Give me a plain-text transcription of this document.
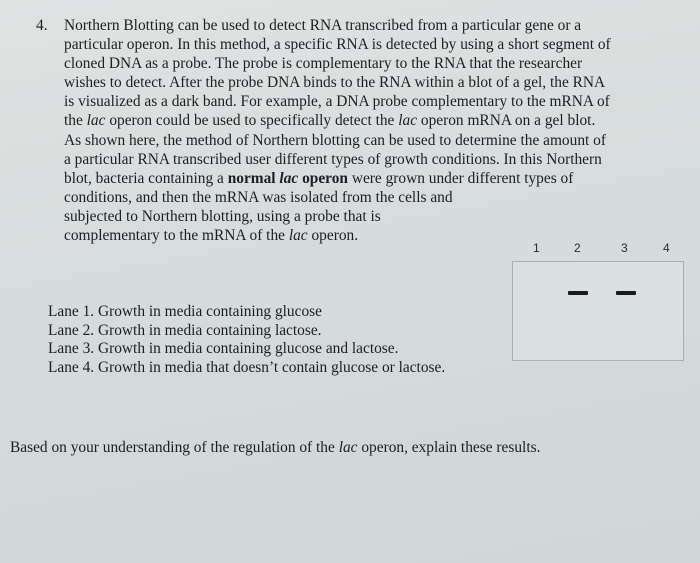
4.	Northern Blotting can be used to detect RNA transcribed from a particular gene or a
particular operon. In this method, a specific RNA is detected by using a short segment of
cloned DNA as a probe. The probe is complementary to the RNA that the researcher
wishes to detect. After the probe DNA binds to the RNA within a blot of a gel, the RNA
is visualized as a dark band. For example, a DNA probe complementary to the mRNA of
the lac operon could be used to specifically detect the lac operon mRNA on a gel blot.
As shown here, the method of Northern blotting can be used to determine the amount of
a particular RNA transcribed user different types of growth conditions. In this Northern
blot, bacteria containing a normal lac operon were grown under different types of
conditions, and then the mRNA was isolated from the cells and
subjected to Northern blotting, using a probe that is
complementary to the mRNA of the lac operon.
1	2	3	4
Lane 1. Growth in media containing glucose
Lane 2. Growth in media containing lactose.
Lane 3. Growth in media containing glucose and lactose.
Lane 4. Growth in media that doesn’t contain glucose or lactose.
Based on your understanding of the regulation of the lac operon, explain these results.
